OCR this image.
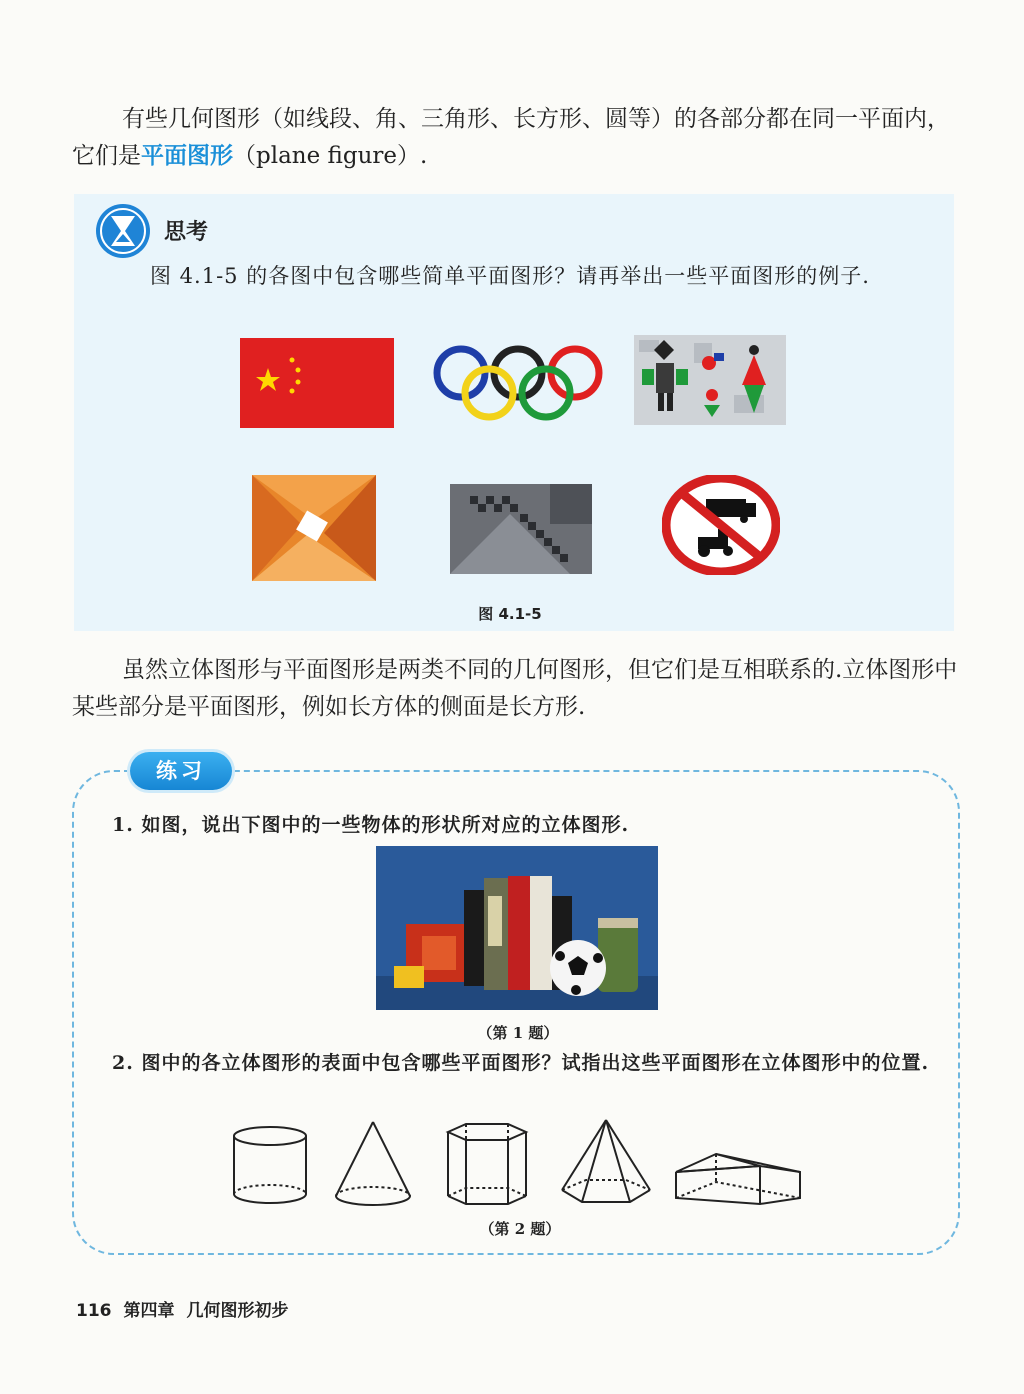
有些几何图形（如线段、角、三角形、长方形、圆等）的各部分都在同一平面内，它们是平面图形（plane figure）.

思考
图 4.1-5 的各图中包含哪些简单平面图形？请再举出一些平面图形的例子.
图 4.1-5

虽然立体图形与平面图形是两类不同的几何图形，但它们是互相联系的.立体图形中某些部分是平面图形，例如长方体的侧面是长方形.

练习
1. 如图，说出下图中的一些物体的形状所对应的立体图形.
（第 1 题）
2. 图中的各立体图形的表面中包含哪些平面图形？试指出这些平面图形在立体图形中的位置.
（第 2 题）
116 第四章 几何图形初步
